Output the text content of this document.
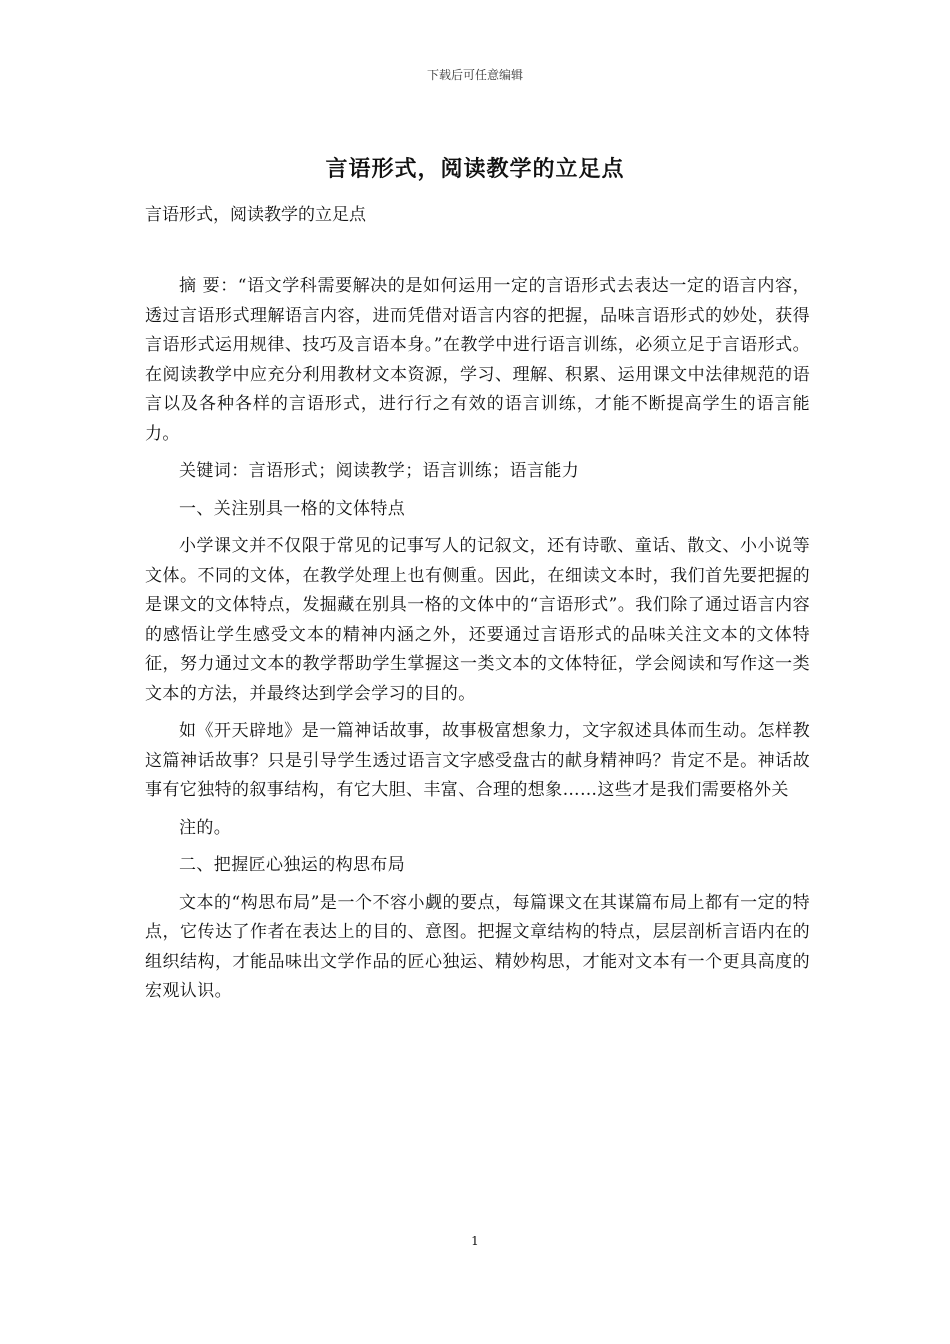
下载后可任意编辑
言语形式，阅读教学的立足点
言语形式，阅读教学的立足点

摘 要：“语文学科需要解决的是如何运用一定的言语形式去表达一定的语言内容，透过言语形式理解语言内容，进而凭借对语言内容的把握，品味言语形式的妙处，获得言语形式运用规律、技巧及言语本身。”在教学中进行语言训练，必须立足于言语形式。在阅读教学中应充分利用教材文本资源，学习、理解、积累、运用课文中法律规范的语言以及各种各样的言语形式，进行行之有效的语言训练，才能不断提高学生的语言能力。

关键词：言语形式；阅读教学；语言训练；语言能力

一、关注别具一格的文体特点

小学课文并不仅限于常见的记事写人的记叙文，还有诗歌、童话、散文、小小说等文体。不同的文体，在教学处理上也有侧重。因此，在细读文本时，我们首先要把握的是课文的文体特点，发掘藏在别具一格的文体中的“言语形式”。我们除了通过语言内容的感悟让学生感受文本的精神内涵之外，还要通过言语形式的品味关注文本的文体特征，努力通过文本的教学帮助学生掌握这一类文本的文体特征，学会阅读和写作这一类文本的方法，并最终达到学会学习的目的。

如《开天辟地》是一篇神话故事，故事极富想象力，文字叙述具体而生动。怎样教这篇神话故事？只是引导学生透过语言文字感受盘古的献身精神吗？肯定不是。神话故事有它独特的叙事结构，有它大胆、丰富、合理的想象……这些才是我们需要格外关

注的。

二、把握匠心独运的构思布局

文本的“构思布局”是一个不容小觑的要点，每篇课文在其谋篇布局上都有一定的特点，它传达了作者在表达上的目的、意图。把握文章结构的特点，层层剖析言语内在的组织结构，才能品味出文学作品的匠心独运、精妙构思，才能对文本有一个更具高度的宏观认识。

1
